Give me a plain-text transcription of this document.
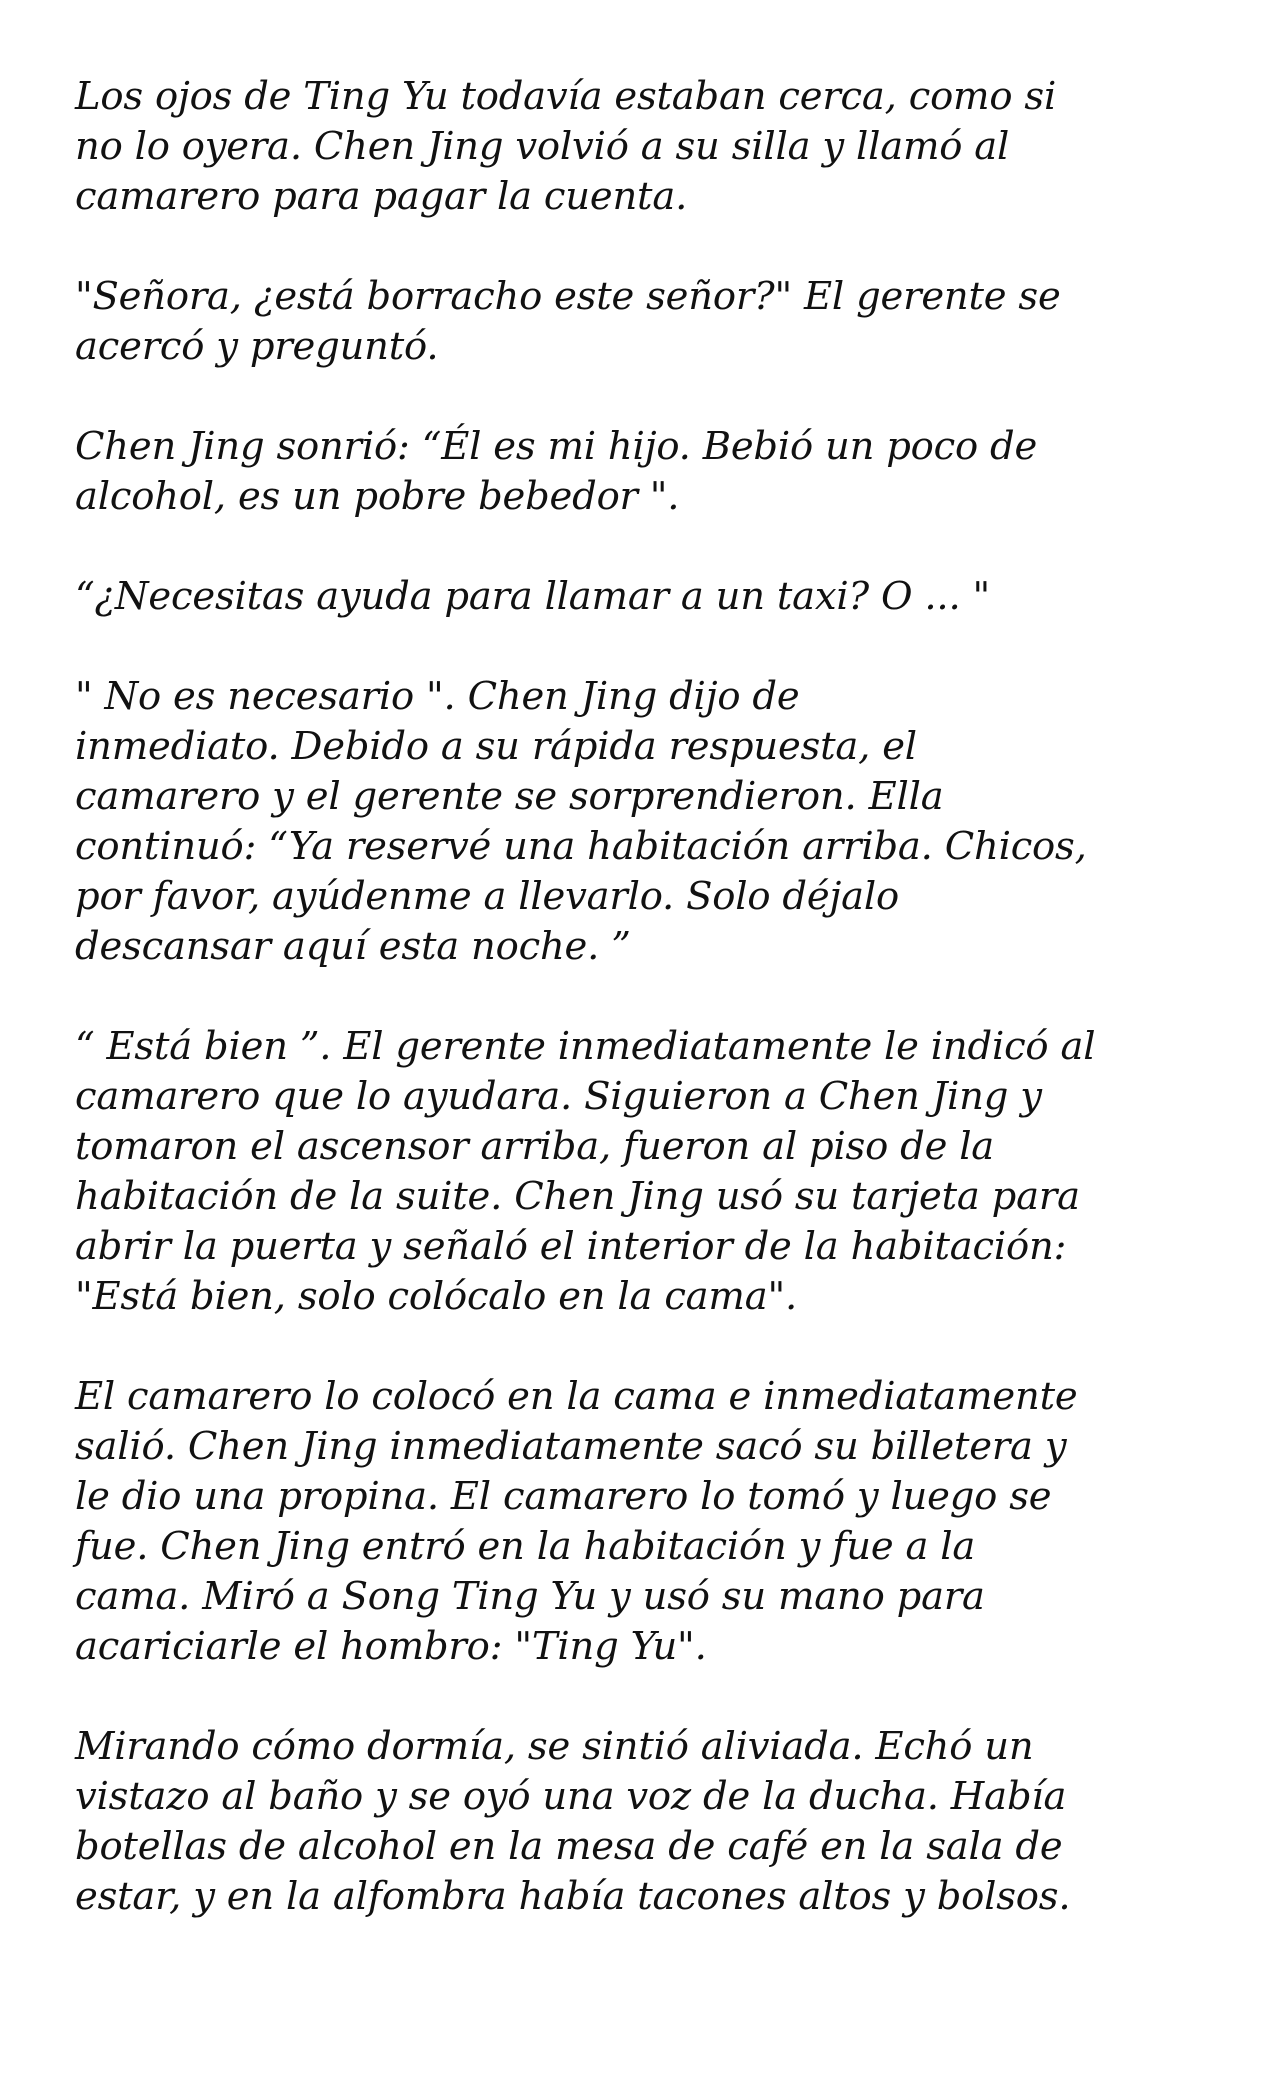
Los ojos de Ting Yu todavía estaban cerca, como si
no lo oyera. Chen Jing volvió a su silla y llamó al
camarero para pagar la cuenta.

"Señora, ¿está borracho este señor?" El gerente se
acercó y preguntó.

Chen Jing sonrió: “Él es mi hijo. Bebió un poco de
alcohol, es un pobre bebedor ".

“¿Necesitas ayuda para llamar a un taxi? O ... "

" No es necesario ". Chen Jing dijo de
inmediato. Debido a su rápida respuesta, el
camarero y el gerente se sorprendieron. Ella
continuó: “Ya reservé una habitación arriba. Chicos,
por favor, ayúdenme a llevarlo. Solo déjalo
descansar aquí esta noche. ”

“ Está bien ”. El gerente inmediatamente le indicó al
camarero que lo ayudara. Siguieron a Chen Jing y
tomaron el ascensor arriba, fueron al piso de la
habitación de la suite. Chen Jing usó su tarjeta para
abrir la puerta y señaló el interior de la habitación:
"Está bien, solo colócalo en la cama".

El camarero lo colocó en la cama e inmediatamente
salió. Chen Jing inmediatamente sacó su billetera y
le dio una propina. El camarero lo tomó y luego se
fue. Chen Jing entró en la habitación y fue a la
cama. Miró a Song Ting Yu y usó su mano para
acariciarle el hombro: "Ting Yu".

Mirando cómo dormía, se sintió aliviada. Echó un
vistazo al baño y se oyó una voz de la ducha. Había
botellas de alcohol en la mesa de café en la sala de
estar, y en la alfombra había tacones altos y bolsos.
